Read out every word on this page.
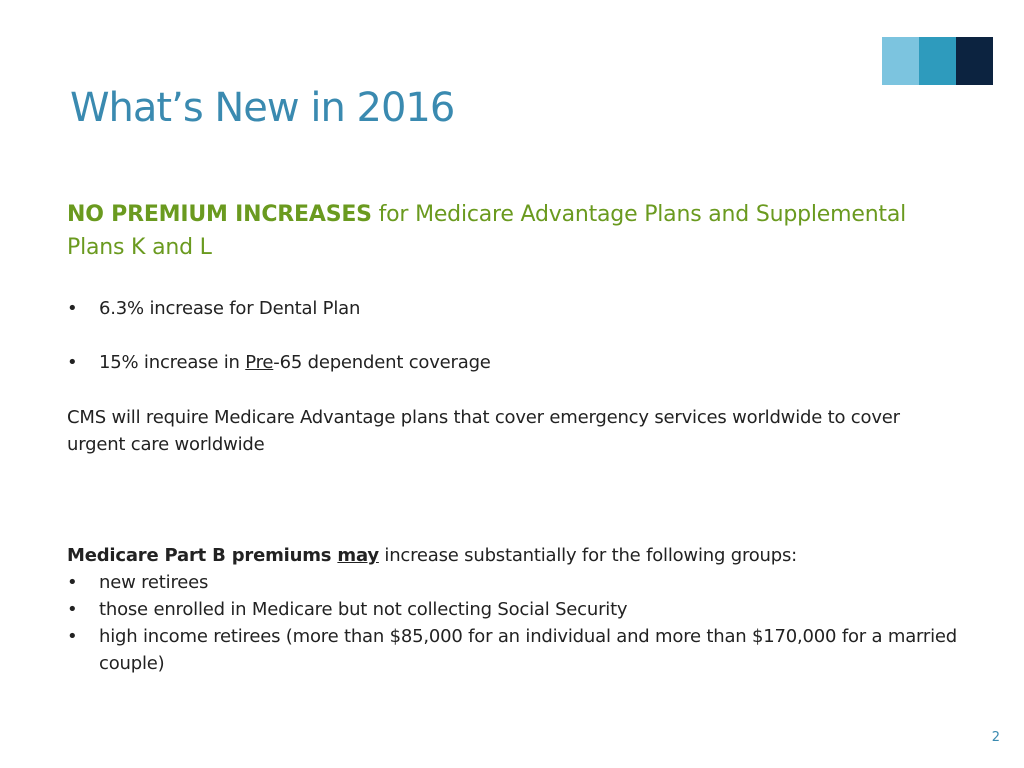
What’s New in 2016

NO PREMIUM INCREASES for Medicare Advantage Plans and Supplemental Plans K and L

• 6.3% increase for Dental Plan
• 15% increase in Pre-65 dependent coverage

CMS will require Medicare Advantage plans that cover emergency services worldwide to cover urgent care worldwide

Medicare Part B premiums may increase substantially for the following groups:
•	new retirees
•	those enrolled in Medicare but not collecting Social Security
•	high income retirees (more than $85,000 for an individual and more than $170,000 for a married couple)
2
